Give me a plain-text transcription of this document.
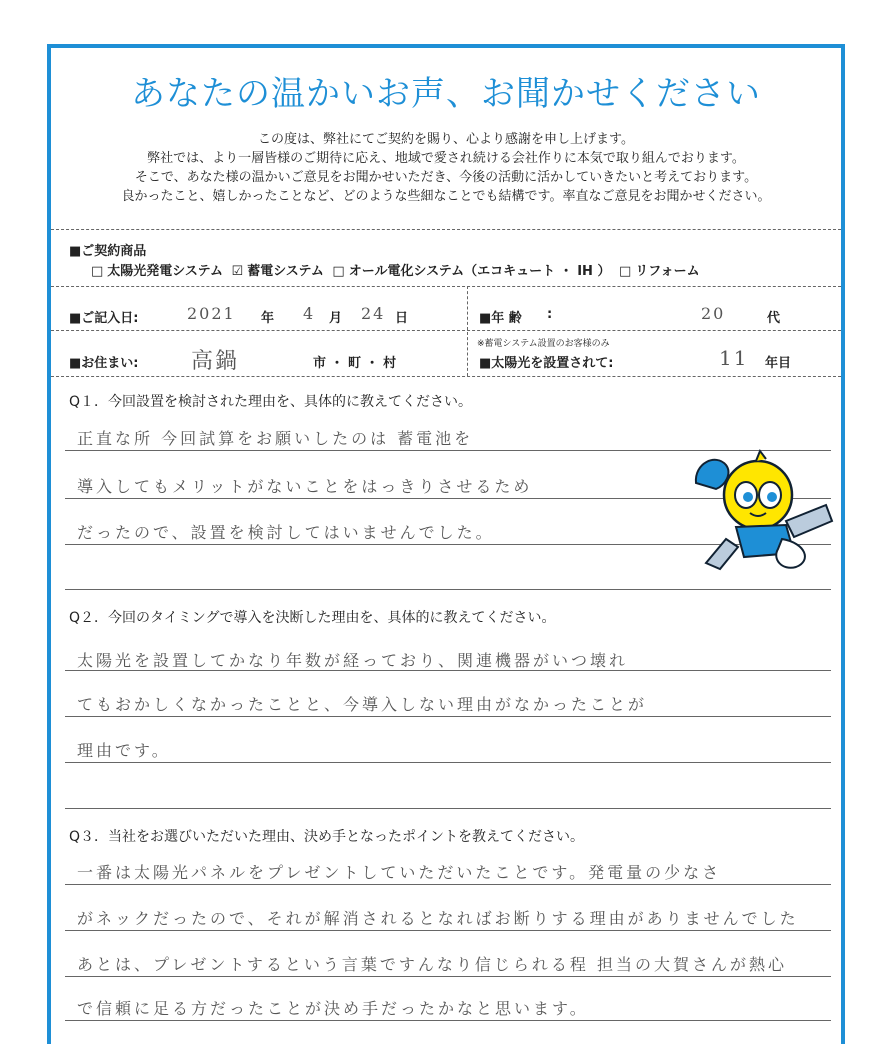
あなたの温かいお声、お聞かせください
この度は、弊社にてご契約を賜り、心より感謝を申し上げます。
弊社では、より一層皆様のご期待に応え、地域で愛され続ける会社作りに本気で取り組んでおります。
そこで、あなた様の温かいご意見をお聞かせいただき、今後の活動に活かしていきたいと考えております。
良かったこと、嬉しかったことなど、どのような些細なことでも結構です。率直なご意見をお聞かせください。
■ご契約商品
□ 太陽光発電システム ☑ 蓄電システム □ オール電化システム（エコキュート ・ IH ） □ リフォーム
■ご記入日:	2021 年 4 月 24 日	■年 齢 :	20	代
■お住まい: 高鍋	市 ・ 町 ・ 村
※蓄電システム設置のお客様のみ
■太陽光を設置されて:	11 年目
Q１．今回設置を検討された理由を、具体的に教えてください。
正直な所 今回試算をお願いしたのは 蓄電池を
導入してもメリットがないことをはっきりさせるため
だったので、設置を検討してはいませんでした。
Q２．今回のタイミングで導入を決断した理由を、具体的に教えてください。
太陽光を設置してかなり年数が経っており、関連機器がいつ壊れ
てもおかしくなかったことと、今導入しない理由がなかったことが
理由です。
Q３．当社をお選びいただいた理由、決め手となったポイントを教えてください。
一番は太陽光パネルをプレゼントしていただいたことです。発電量の少なさ
がネックだったので、それが解消されるとなればお断りする理由がありませんでした
あとは、プレゼントするという言葉ですんなり信じられる程 担当の大賀さんが熱心
で信頼に足る方だったことが決め手だったかなと思います。
